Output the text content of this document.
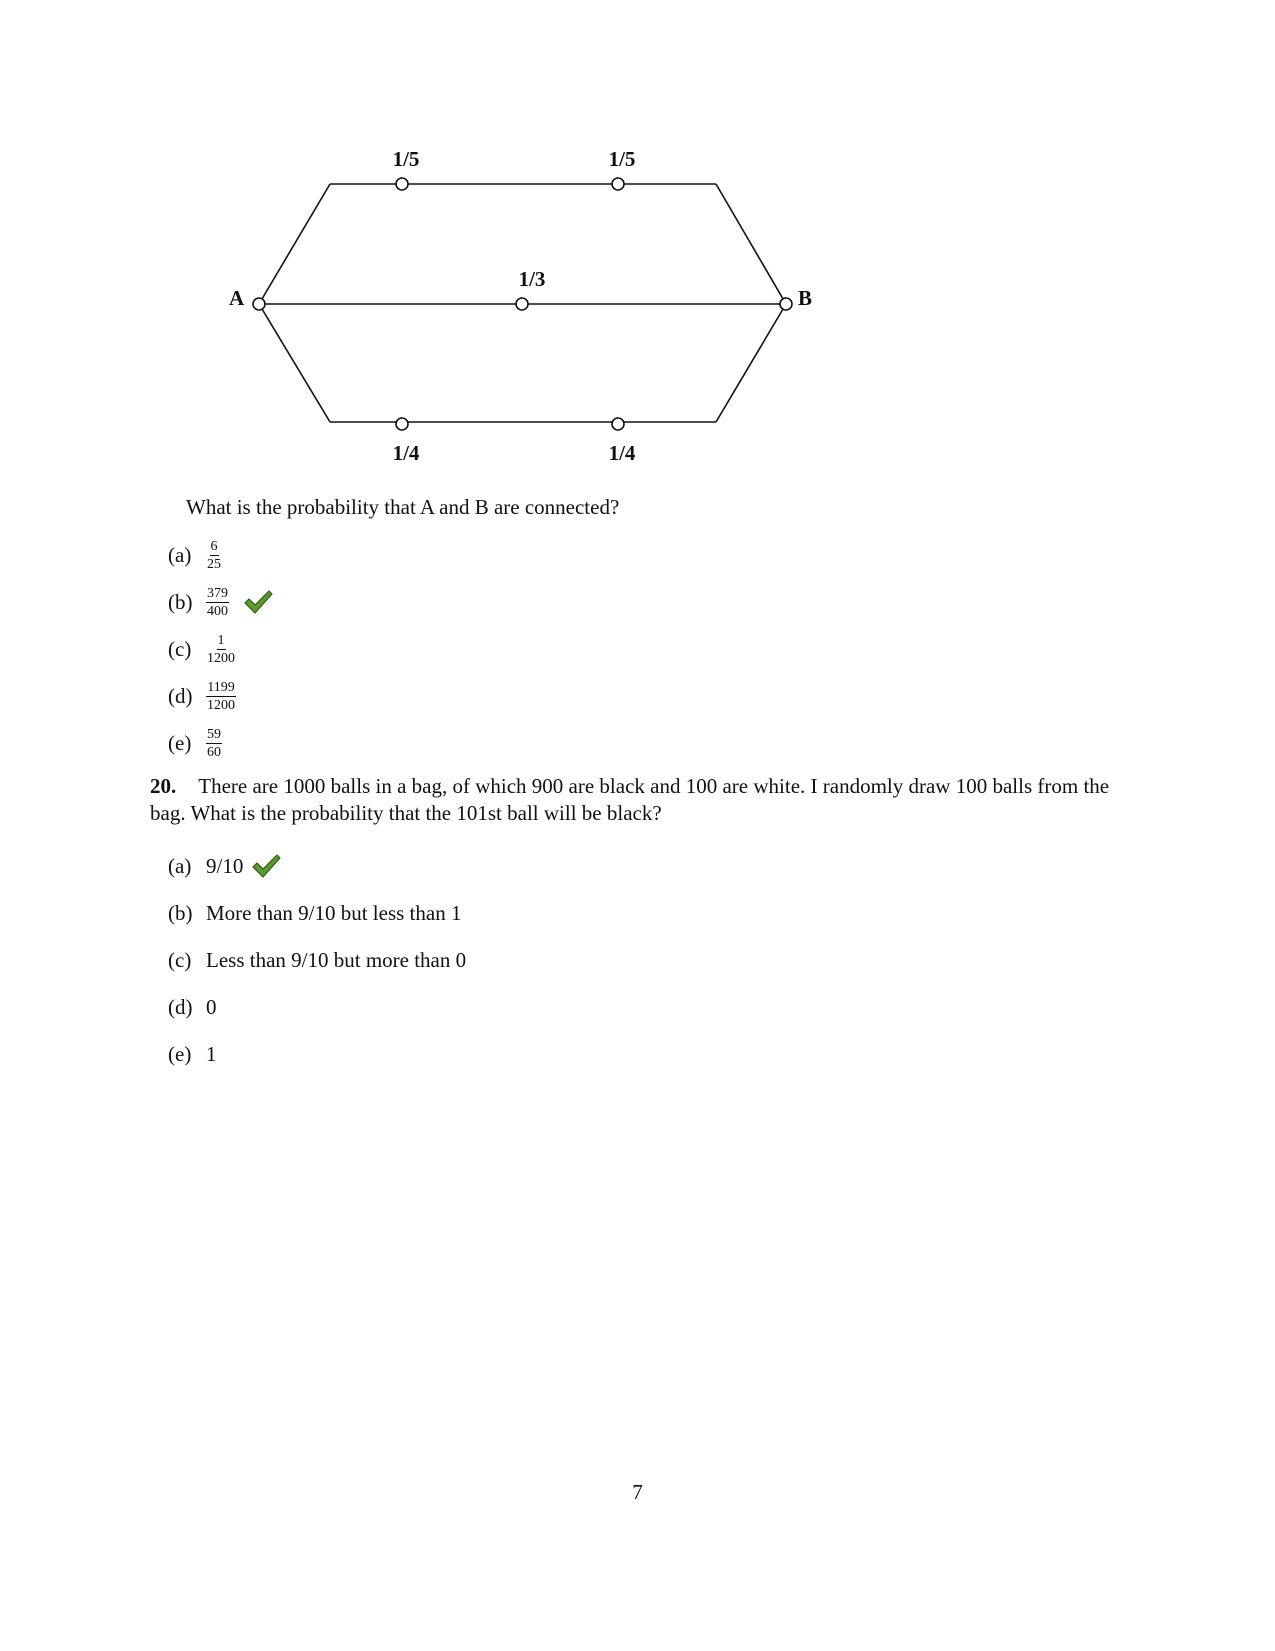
A	B
1/5	1/5
1/3
1/4	1/4
What is the probability that A and B are connected?
(a)	$\frac{6}{25}$
$(b) \frac{379}{400}$
(c)	$\frac{1}{1200}$
$(d) \frac{1199}{1200}$
(e)	$\frac{59}{60}$
20. There are 1000 balls in a bag, of which 900 are black and 100 are white. I randomly draw 100 balls from the bag. What is the probability that the 101st ball will be black?
(a) 9/10
(b) More than 9/10 but less than 1
(c) Less than 9/10 but more than 0
(d) 0
(e) 1
7
